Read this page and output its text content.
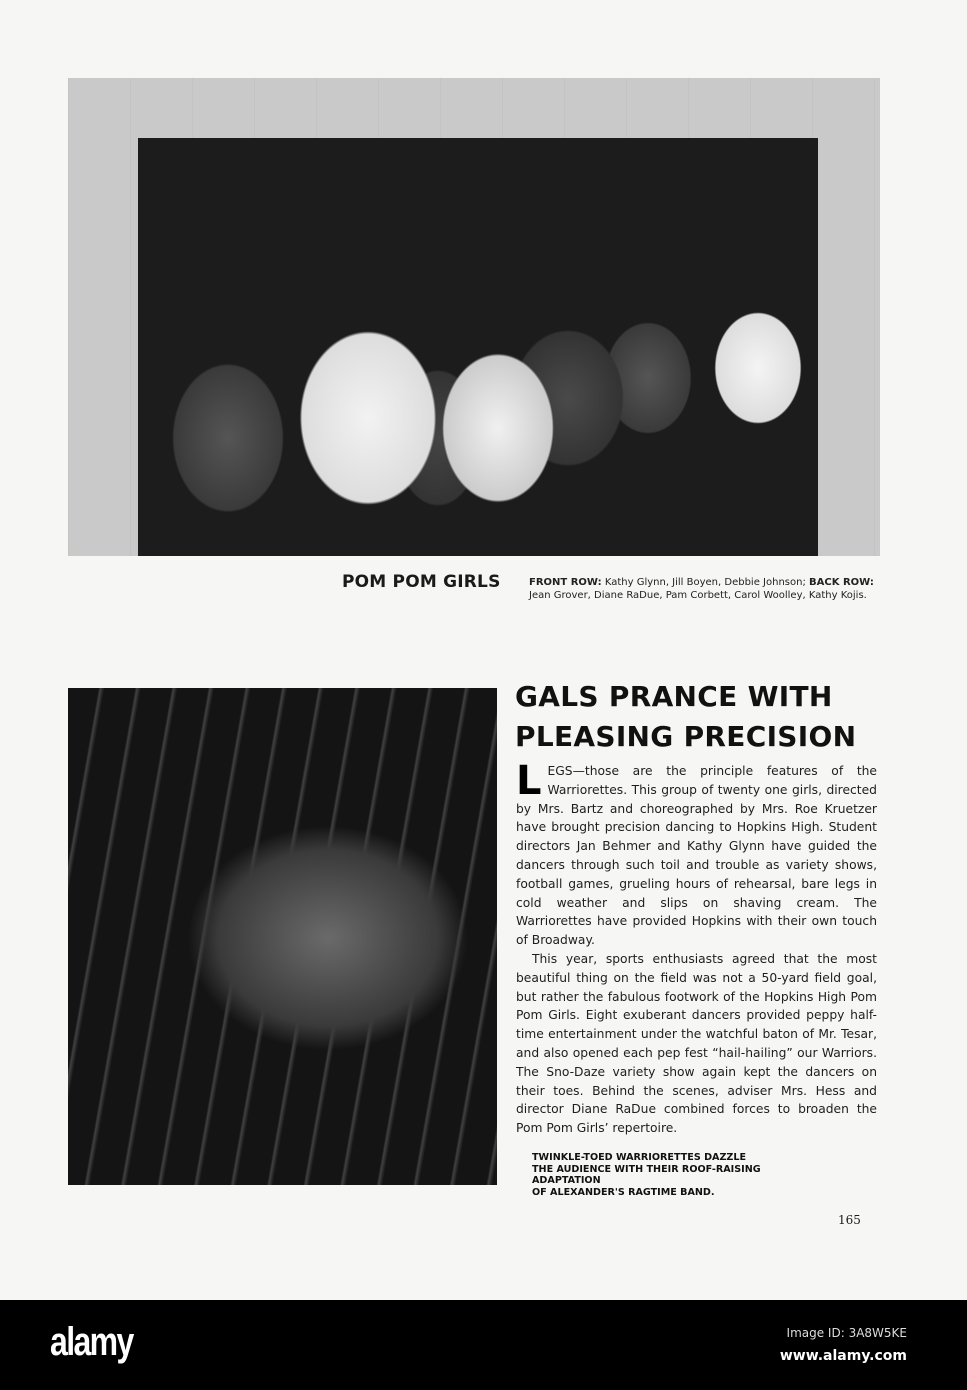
POM POM GIRLS	FRONT ROW: Kathy Glynn, Jill Boyen, Debbie Johnson; BACK ROW:
Jean Grover, Diane RaDue, Pam Corbett, Carol Woolley, Kathy Kojis.
GALS PRANCE WITH
PLEASING PRECISION

LEGS—those are the principle features of the Warriorettes. This group of twenty one girls, directed by Mrs. Bartz and choreographed by Mrs. Roe Kruetzer have brought precision dancing to Hopkins High. Student directors Jan Behmer and Kathy Glynn have guided the dancers through such toil and trouble as variety shows, football games, grueling hours of rehearsal, bare legs in cold weather and slips on shaving cream. The Warriorettes have provided Hopkins with their own touch of Broadway.

This year, sports enthusiasts agreed that the most beautiful thing on the field was not a 50-yard field goal, but rather the fabulous footwork of the Hopkins High Pom Pom Girls. Eight exuberant dancers provided peppy half-time entertainment under the watchful baton of Mr. Tesar, and also opened each pep fest “hail-hailing” our Warriors. The Sno-Daze variety show again kept the dancers on their toes. Behind the scenes, adviser Mrs. Hess and director Diane RaDue combined forces to broaden the Pom Pom Girls’ repertoire.

TWINKLE-TOED WARRIORETTES DAZZLE
THE AUDIENCE WITH THEIR ROOF-RAISING ADAPTATION
OF ALEXANDER'S RAGTIME BAND.
165
alamy	Image ID: 3A8W5KE
www.alamy.com
